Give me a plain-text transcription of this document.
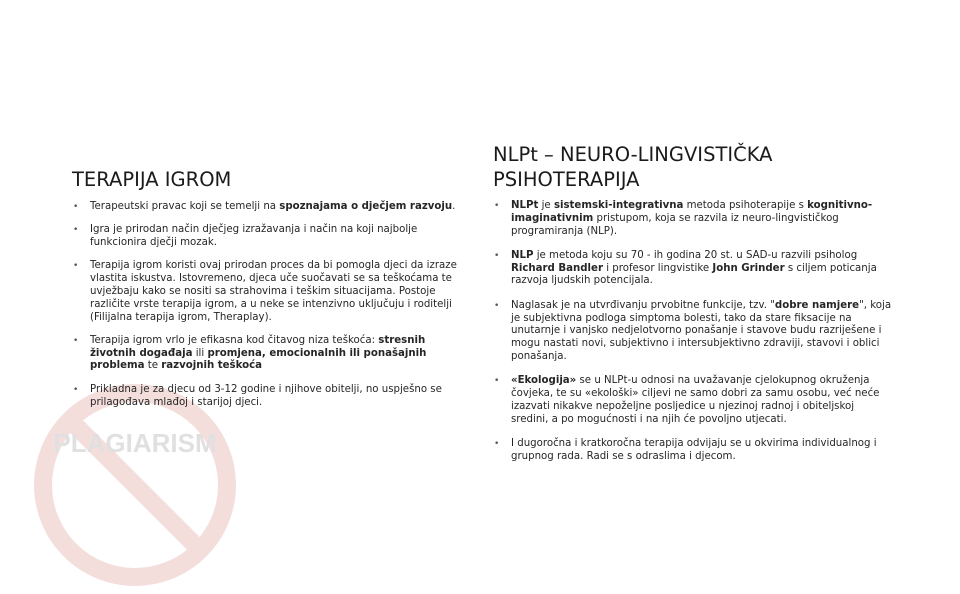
PLAGIARISM
TERAPIJA IGROM
• Terapeutski pravac koji se temelji na spoznajama o dječjem razvoju.
• Igra je prirodan način dječjeg izražavanja i način na koji najbolje funkcionira dječji mozak.
• Terapija igrom koristi ovaj prirodan proces da bi pomogla djeci da izraze vlastita iskustva. Istovremeno, djeca uče suočavati se sa teškoćama te uvježbaju kako se nositi sa strahovima i teškim situacijama. Postoje različite vrste terapija igrom, a u neke se intenzivno uključuju i roditelji (Filijalna terapija igrom, Theraplay).
• Terapija igrom vrlo je efikasna kod čitavog niza teškoća: stresnih životnih događaja ili promjena, emocionalnih ili ponašajnih problema te razvojnih teškoća
• Prikladna je za djecu od 3-12 godine i njihove obitelji, no uspješno se prilagođava mlađoj i starijoj djeci.
NLPt – NEURO-LINGVISTIČKA PSIHOTERAPIJA
• NLPt je sistemski-integrativna metoda psihoterapije s kognitivno-imaginativnim pristupom, koja se razvila iz neuro-lingvističkog programiranja (NLP).
• NLP je metoda koju su 70 - ih godina 20 st. u SAD-u razvili psiholog Richard Bandler i profesor lingvistike John Grinder s ciljem poticanja razvoja ljudskih potencijala.
• Naglasak je na utvrđivanju prvobitne funkcije, tzv. "dobre namjere", koja je subjektivna podloga simptoma bolesti, tako da stare fiksacije na unutarnje i vanjsko nedjelotvorno ponašanje i stavove budu razriješene i mogu nastati novi, subjektivno i intersubjektivno zdraviji, stavovi i oblici ponašanja.
• «Ekologija» se u NLPt-u odnosi na uvažavanje cjelokupnog okruženja čovjeka, te su «ekološki» ciljevi ne samo dobri za samu osobu, već neće izazvati nikakve nepoželjne posljedice u njezinoj radnoj i obiteljskoj sredini, a po mogućnosti i na njih će povoljno utjecati.
• I dugoročna i kratkoročna terapija odvijaju se u okvirima individualnog i grupnog rada. Radi se s odraslima i djecom.
